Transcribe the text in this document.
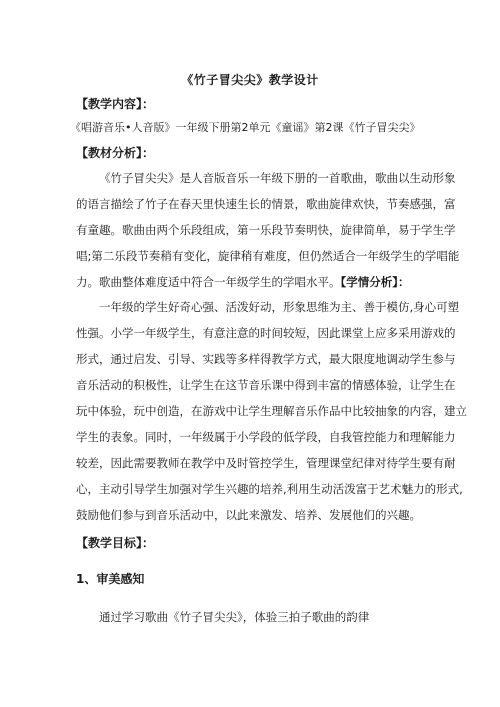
《竹子冒尖尖》教学设计
【教学内容】：
《唱游音乐•人音版》一年级下册第2单元《童谣》第2课《竹子冒尖尖》
【教材分析】：
《竹子冒尖尖》是人音版音乐一年级下册的一首歌曲，歌曲以生动形象
的语言描绘了竹子在春天里快速生长的情景，歌曲旋律欢快，节奏感强，富
有童趣。歌曲由两个乐段组成，第一乐段节奏明快，旋律简单，易于学生学
唱;第二乐段节奏稍有变化，旋律稍有难度，但仍然适合一年级学生的学唱能
力。歌曲整体难度适中符合一年级学生的学唱水平。【学情分析】：
一年级的学生好奇心强、活泼好动，形象思维为主、善于模仿,身心可塑
性强。小学一年级学生，有意注意的时间较短，因此课堂上应多采用游戏的
形式，通过启发、引导、实践等多样得教学方式，最大限度地调动学生参与
音乐活动的积极性，让学生在这节音乐课中得到丰富的情感体验，让学生在
玩中体验，玩中创造，在游戏中让学生理解音乐作品中比较抽象的内容，建立
学生的表象。同时，一年级属于小学段的低学段，自我管控能力和理解能力
较差，因此需要教师在教学中及时管控学生，管理课堂纪律对待学生要有耐
心，主动引导学生加强对学生兴趣的培养,利用生动活泼富于艺术魅力的形式,
鼓励他们参与到音乐活动中，以此来激发、培养、发展他们的兴趣。
【教学目标】：
1、审美感知
通过学习歌曲《竹子冒尖尖》，体验三拍子歌曲的韵律
